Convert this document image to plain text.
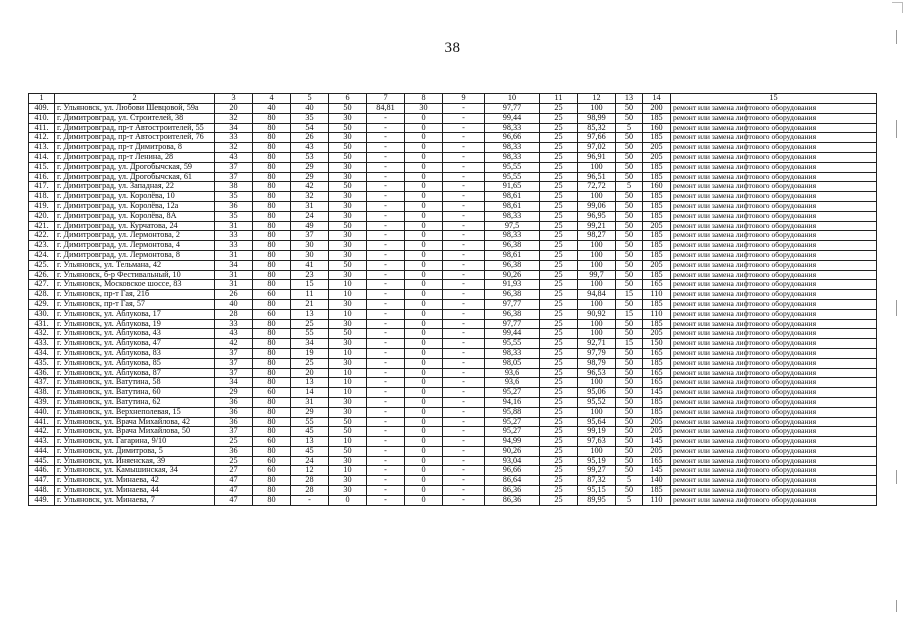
38
1	2	3	4	5	6	7	8	9	10	11	12	13	14	15
409.	г. Ульяновск, ул. Любови Шевцовой, 59а	20	40	40	50	84,81	30	-	97,77	25	100	50	200	ремонт или замена лифтового оборудования
410.	г. Димитровград, ул. Строителей, 38	32	80	35	30	-	0	-	99,44	25	98,99	50	185	ремонт или замена лифтового оборудования
411.	г. Димитровград, пр-т Автостроителей, 55	34	80	54	50	-	0	-	98,33	25	85,32	5	160	ремонт или замена лифтового оборудования
412.	г. Димитровград, пр-т Автостроителей, 76	33	80	26	30	-	0	-	96,66	25	97,66	50	185	ремонт или замена лифтового оборудования
413.	г. Димитровград, пр-т Димитрова, 8	32	80	43	50	-	0	-	98,33	25	97,02	50	205	ремонт или замена лифтового оборудования
414.	г. Димитровград, пр-т Ленина, 28	43	80	53	50	-	0	-	98,33	25	96,91	50	205	ремонт или замена лифтового оборудования
415.	г. Димитровград, ул. Дрогобычская, 59	37	80	29	30	-	0	-	95,55	25	100	50	185	ремонт или замена лифтового оборудования
416.	г. Димитровград, ул. Дрогобычская, 61	37	80	29	30	-	0	-	95,55	25	96,51	50	185	ремонт или замена лифтового оборудования
417.	г. Димитровград, ул. Западная, 22	38	80	42	50	-	0	-	91,65	25	72,72	5	160	ремонт или замена лифтового оборудования
418.	г. Димитровград, ул. Королёва, 10	35	80	32	30	-	0	-	98,61	25	100	50	185	ремонт или замена лифтового оборудования
419.	г. Димитровград, ул. Королёва, 12а	36	80	31	30	-	0	-	98,61	25	99,06	50	185	ремонт или замена лифтового оборудования
420.	г. Димитровград, ул. Королёва, 8А	35	80	24	30	-	0	-	98,33	25	96,95	50	185	ремонт или замена лифтового оборудования
421.	г. Димитровград, ул. Курчатова, 24	31	80	49	50	-	0	-	97,5	25	99,21	50	205	ремонт или замена лифтового оборудования
422.	г. Димитровград, ул. Лермонтова, 2	33	80	37	30	-	0	-	98,33	25	98,27	50	185	ремонт или замена лифтового оборудования
423.	г. Димитровград, ул. Лермонтова, 4	33	80	30	30	-	0	-	96,38	25	100	50	185	ремонт или замена лифтового оборудования
424.	г. Димитровград, ул. Лермонтова, 8	31	80	30	30	-	0	-	98,61	25	100	50	185	ремонт или замена лифтового оборудования
425.	г. Ульяновск, ул. Тельмана, 42	34	80	41	50	-	0	-	96,38	25	100	50	205	ремонт или замена лифтового оборудования
426.	г. Ульяновск, б-р Фестивальный, 10	31	80	23	30	-	0	-	90,26	25	99,7	50	185	ремонт или замена лифтового оборудования
427.	г. Ульяновск, Московское шоссе, 83	31	80	15	10	-	0	-	91,93	25	100	50	165	ремонт или замена лифтового оборудования
428.	г. Ульяновск, пр-т Гая, 21б	26	60	11	10	-	0	-	96,38	25	94,84	15	110	ремонт или замена лифтового оборудования
429.	г. Ульяновск, пр-т Гая, 57	40	80	21	30	-	0	-	97,77	25	100	50	185	ремонт или замена лифтового оборудования
430.	г. Ульяновск, ул. Аблукова, 17	28	60	13	10	-	0	-	96,38	25	90,92	15	110	ремонт или замена лифтового оборудования
431.	г. Ульяновск, ул. Аблукова, 19	33	80	25	30	-	0	-	97,77	25	100	50	185	ремонт или замена лифтового оборудования
432.	г. Ульяновск, ул. Аблукова, 43	43	80	55	50	-	0	-	99,44	25	100	50	205	ремонт или замена лифтового оборудования
433.	г. Ульяновск, ул. Аблукова, 47	42	80	34	30	-	0	-	95,55	25	92,71	15	150	ремонт или замена лифтового оборудования
434.	г. Ульяновск, ул. Аблукова, 83	37	80	19	10	-	0	-	98,33	25	97,79	50	165	ремонт или замена лифтового оборудования
435.	г. Ульяновск, ул. Аблукова, 85	37	80	25	30	-	0	-	98,05	25	98,79	50	185	ремонт или замена лифтового оборудования
436.	г. Ульяновск, ул. Аблукова, 87	37	80	20	10	-	0	-	93,6	25	96,53	50	165	ремонт или замена лифтового оборудования
437.	г. Ульяновск, ул. Ватутина, 58	34	80	13	10	-	0	-	93,6	25	100	50	165	ремонт или замена лифтового оборудования
438.	г. Ульяновск, ул. Ватутина, 60	29	60	14	10	-	0	-	95,27	25	95,06	50	145	ремонт или замена лифтового оборудования
439.	г. Ульяновск, ул. Ватутина, 62	36	80	31	30	-	0	-	94,16	25	95,52	50	185	ремонт или замена лифтового оборудования
440.	г. Ульяновск, ул. Верхнеполевая, 15	36	80	29	30	-	0	-	95,88	25	100	50	185	ремонт или замена лифтового оборудования
441.	г. Ульяновск, ул. Врача Михайлова, 42	36	80	55	50	-	0	-	95,27	25	95,64	50	205	ремонт или замена лифтового оборудования
442.	г. Ульяновск, ул. Врача Михайлова, 50	37	80	45	50	-	0	-	95,27	25	99,19	50	205	ремонт или замена лифтового оборудования
443.	г. Ульяновск, ул. Гагарина, 9/10	25	60	13	10	-	0	-	94,99	25	97,63	50	145	ремонт или замена лифтового оборудования
444.	г. Ульяновск, ул. Димитрова, 5	36	80	45	50	-	0	-	90,26	25	100	50	205	ремонт или замена лифтового оборудования
445.	г. Ульяновск, ул. Иняенская, 39	25	60	24	30	-	0	-	93,04	25	95,19	50	165	ремонт или замена лифтового оборудования
446.	г. Ульяновск, ул. Камышинская, 34	27	60	12	10	-	0	-	96,66	25	99,27	50	145	ремонт или замена лифтового оборудования
447.	г. Ульяновск, ул. Минаева, 42	47	80	28	30	-	0	-	86,64	25	87,32	5	140	ремонт или замена лифтового оборудования
448.	г. Ульяновск, ул. Минаева, 44	47	80	28	30	-	0	-	86,36	25	95,15	50	185	ремонт или замена лифтового оборудования
449.	г. Ульяновск, ул. Минаева, 7	47	80	-	0	-	0	-	86,36	25	89,95	5	110	ремонт или замена лифтового оборудования
